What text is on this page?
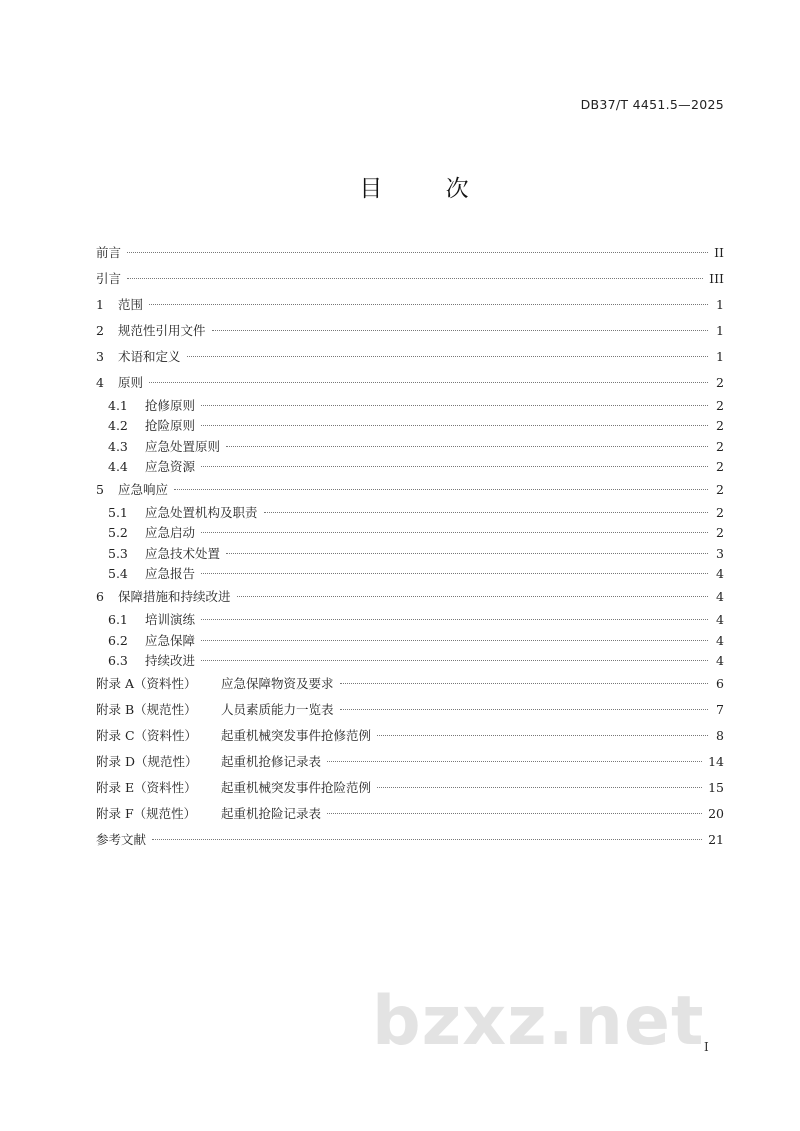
DB37/T 4451.5—2025
目 次
前言	II
引言	III
1	范围	1
2	规范性引用文件	1
3	术语和定义	1
4	原则	2
4.1	抢修原则	2
4.2	抢险原则	2
4.3	应急处置原则	2
4.4	应急资源	2
5	应急响应	2
5.1	应急处置机构及职责	2
5.2	应急启动	2
5.3	应急技术处置	3
5.4	应急报告	4
6	保障措施和持续改进	4
6.1	培训演练	4
6.2	应急保障	4
6.3	持续改进	4
附录 A（资料性）	应急保障物资及要求	6
附录 B（规范性）	人员素质能力一览表	7
附录 C（资料性）	起重机械突发事件抢修范例	8
附录 D（规范性）	起重机抢修记录表	14
附录 E（资料性）	起重机械突发事件抢险范例	15
附录 F（规范性）	起重机抢险记录表	20
参考文献	21
bzxz.net I
